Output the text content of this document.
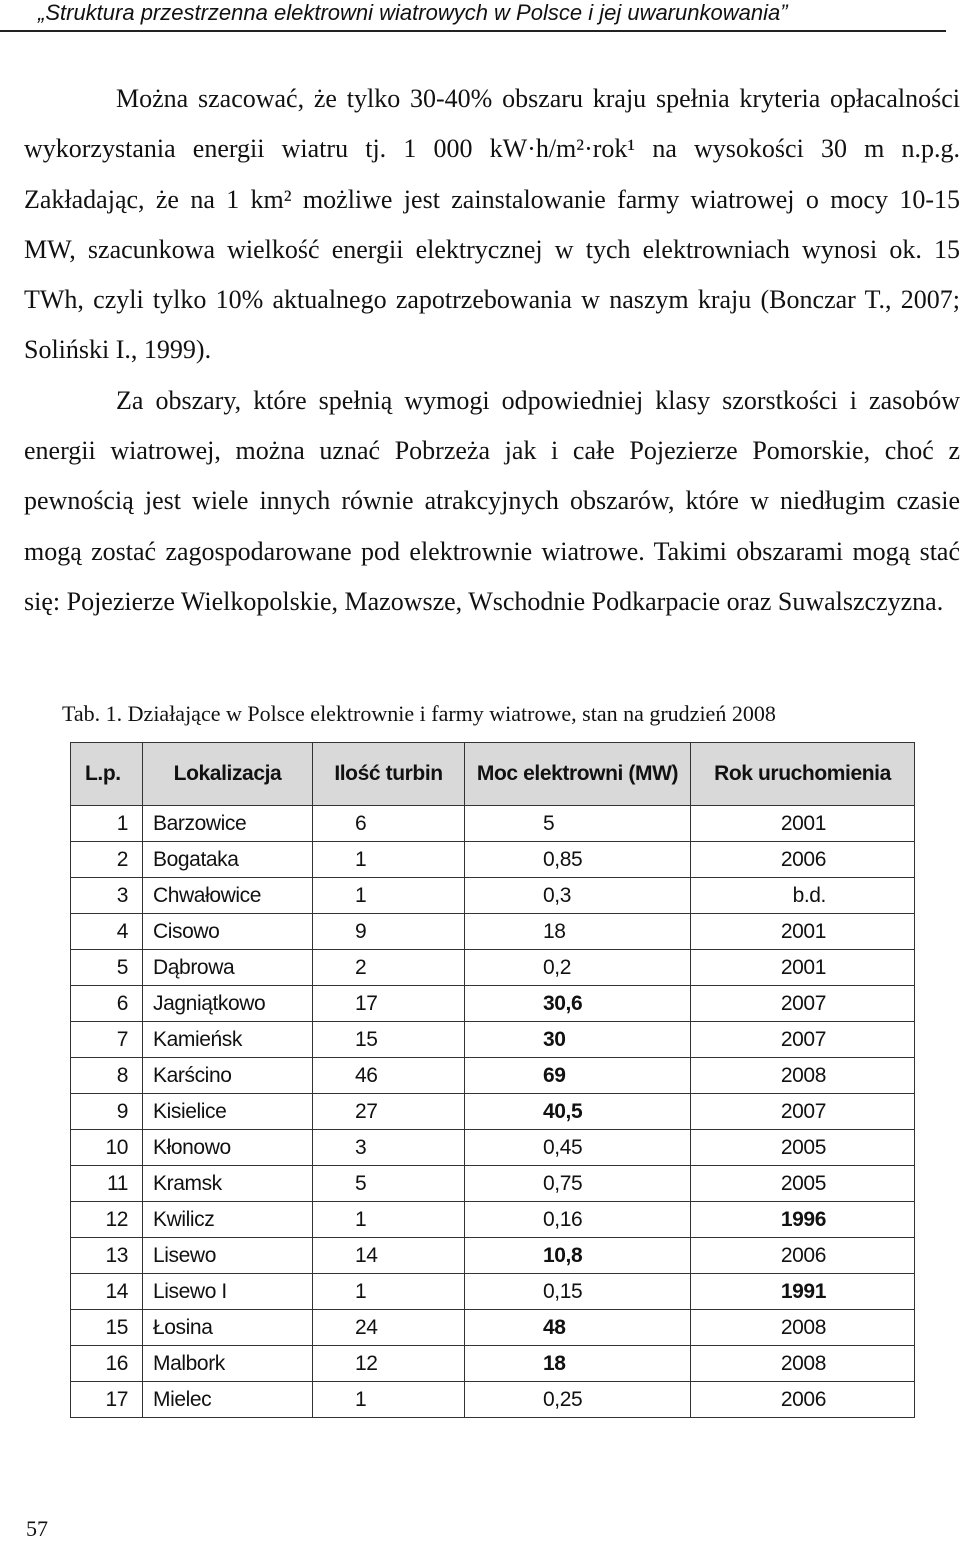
„Struktura przestrzenna elektrowni wiatrowych w Polsce i jej uwarunkowania”

Można szacować, że tylko 30-40% obszaru kraju spełnia kryteria opłacalności wykorzystania energii wiatru tj. 1 000 kW·h/m²·rok¹ na wysokości 30 m n.p.g. Zakładając, że na 1 km² możliwe jest zainstalowanie farmy wiatrowej o mocy 10-15 MW, szacunkowa wielkość energii elektrycznej w tych elektrowniach wynosi ok. 15 TWh, czyli tylko 10% aktualnego zapotrzebowania w naszym kraju (Bonczar T., 2007; Soliński I., 1999).

Za obszary, które spełnią wymogi odpowiedniej klasy szorstkości i zasobów energii wiatrowej, można uznać Pobrzeża jak i całe Pojezierze Pomorskie, choć z pewnością jest wiele innych równie atrakcyjnych obszarów, które w niedługim czasie mogą zostać zagospodarowane pod elektrownie wiatrowe. Takimi obszarami mogą stać się: Pojezierze Wielkopolskie, Mazowsze, Wschodnie Podkarpacie oraz Suwalszczyzna.

Tab. 1. Działające w Polsce elektrownie i farmy wiatrowe, stan na grudzień 2008
L.p.	Lokalizacja	Ilość turbin	Moc elektrowni (MW)	Rok uruchomienia
1	Barzowice	6	5	2001
2	Bogataka	1	0,85	2006
3	Chwałowice	1	0,3	b.d.
4	Cisowo	9	18	2001
5	Dąbrowa	2	0,2	2001
6	Jagniątkowo	17	30,6	2007
7	Kamieńsk	15	30	2007
8	Karścino	46	69	2008
9	Kisielice	27	40,5	2007
10	Kłonowo	3	0,45	2005
11	Kramsk	5	0,75	2005
12	Kwilicz	1	0,16	1996
13	Lisewo	14	10,8	2006
14	Lisewo I	1	0,15	1991
15	Łosina	24	48	2008
16	Malbork	12	18	2008
17	Mielec	1	0,25	2006
57
